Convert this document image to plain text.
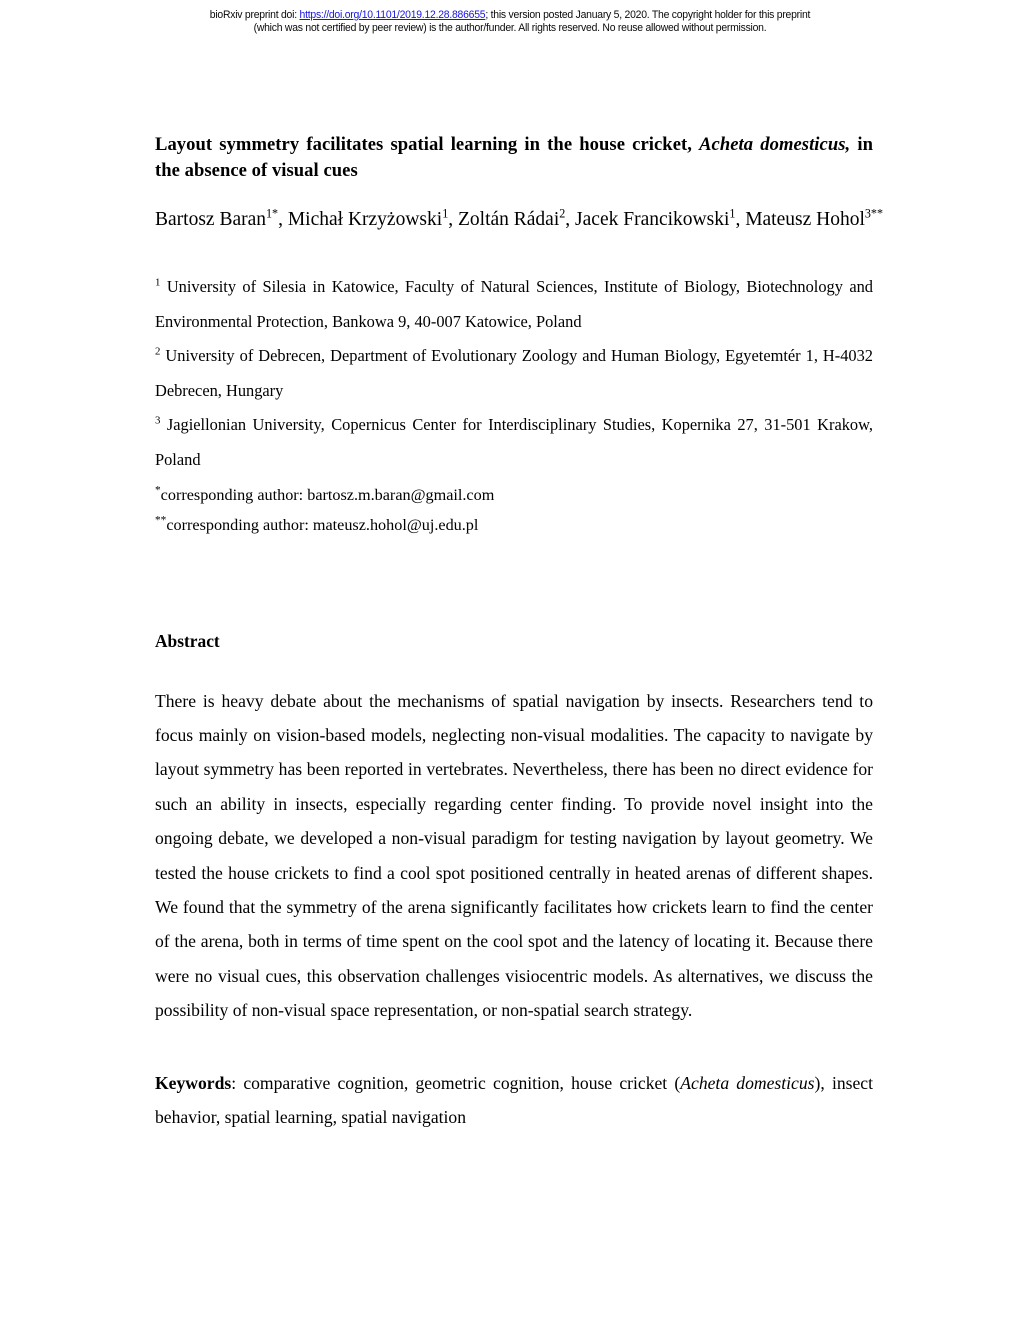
bioRxiv preprint doi: https://doi.org/10.1101/2019.12.28.886655; this version posted January 5, 2020. The copyright holder for this preprint
(which was not certified by peer review) is the author/funder. All rights reserved. No reuse allowed without permission.
Layout symmetry facilitates spatial learning in the house cricket, Acheta domesticus, in the absence of visual cues
Bartosz Baran$^{1*}$, Michał Krzyżowski$^1$, Zoltán Rádai$^2$, Jacek Francikowski$^1$, Mateusz Hohol$^{3**}$

$^1$ University of Silesia in Katowice, Faculty of Natural Sciences, Institute of Biology, Biotechnology and Environmental Protection, Bankowa 9, 40-007 Katowice, Poland

$^2$ University of Debrecen, Department of Evolutionary Zoology and Human Biology, Egyetemtér 1, H-4032 Debrecen, Hungary

$^3$ Jagiellonian University, Copernicus Center for Interdisciplinary Studies, Kopernika 27, 31-501 Krakow, Poland

*corresponding author: bartosz.m.baran@gmail.com

**corresponding author: mateusz.hohol@uj.edu.pl

Abstract

There is heavy debate about the mechanisms of spatial navigation by insects. Researchers tend to focus mainly on vision-based models, neglecting non-visual modalities. The capacity to navigate by layout symmetry has been reported in vertebrates. Nevertheless, there has been no direct evidence for such an ability in insects, especially regarding center finding. To provide novel insight into the ongoing debate, we developed a non-visual paradigm for testing navigation by layout geometry. We tested the house crickets to find a cool spot positioned centrally in heated arenas of different shapes. We found that the symmetry of the arena significantly facilitates how crickets learn to find the center of the arena, both in terms of time spent on the cool spot and the latency of locating it. Because there were no visual cues, this observation challenges visiocentric models. As alternatives, we discuss the possibility of non-visual space representation, or non-spatial search strategy.

Keywords: comparative cognition, geometric cognition, house cricket (Acheta domesticus), insect behavior, spatial learning, spatial navigation
